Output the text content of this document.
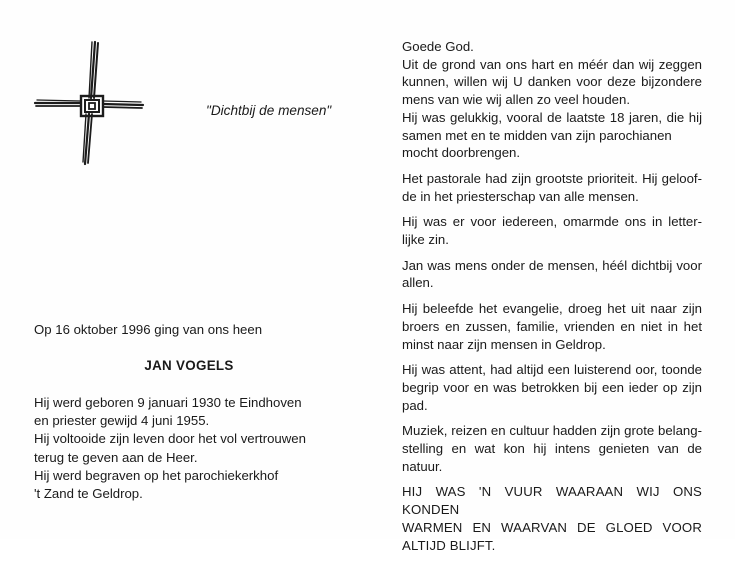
"Dichtbij de mensen"
Op 16 oktober 1996 ging van ons heen
JAN VOGELS
Hij werd geboren 9 januari 1930 te Eindhoven
en priester gewijd 4 juni 1955.
Hij voltooide zijn leven door het vol vertrouwen
terug te geven aan de Heer.
Hij werd begraven op het parochiekerkhof
't Zand te Geldrop.
Goede God.
Uit de grond van ons hart en méér dan wij zeggen
kunnen, willen wij U danken voor deze bijzondere
mens van wie wij allen zo veel houden.
Hij was gelukkig, vooral de laatste 18 jaren, die hij
samen met en te midden van zijn parochianen
mocht doorbrengen.
Het pastorale had zijn grootste prioriteit. Hij geloof-
de in het priesterschap van alle mensen.
Hij was er voor iedereen, omarmde ons in letter-
lijke zin.
Jan was mens onder de mensen, héél dichtbij voor
allen.
Hij beleefde het evangelie, droeg het uit naar zijn
broers en zussen, familie, vrienden en niet in het
minst naar zijn mensen in Geldrop.
Hij was attent, had altijd een luisterend oor, toonde
begrip voor en was betrokken bij een ieder op zijn
pad.
Muziek, reizen en cultuur hadden zijn grote belang-
stelling en wat kon hij intens genieten van de
natuur.
HIJ WAS 'N VUUR WAARAAN WIJ ONS KONDEN
WARMEN EN WAARVAN DE GLOED VOOR
ALTIJD BLIJFT.
